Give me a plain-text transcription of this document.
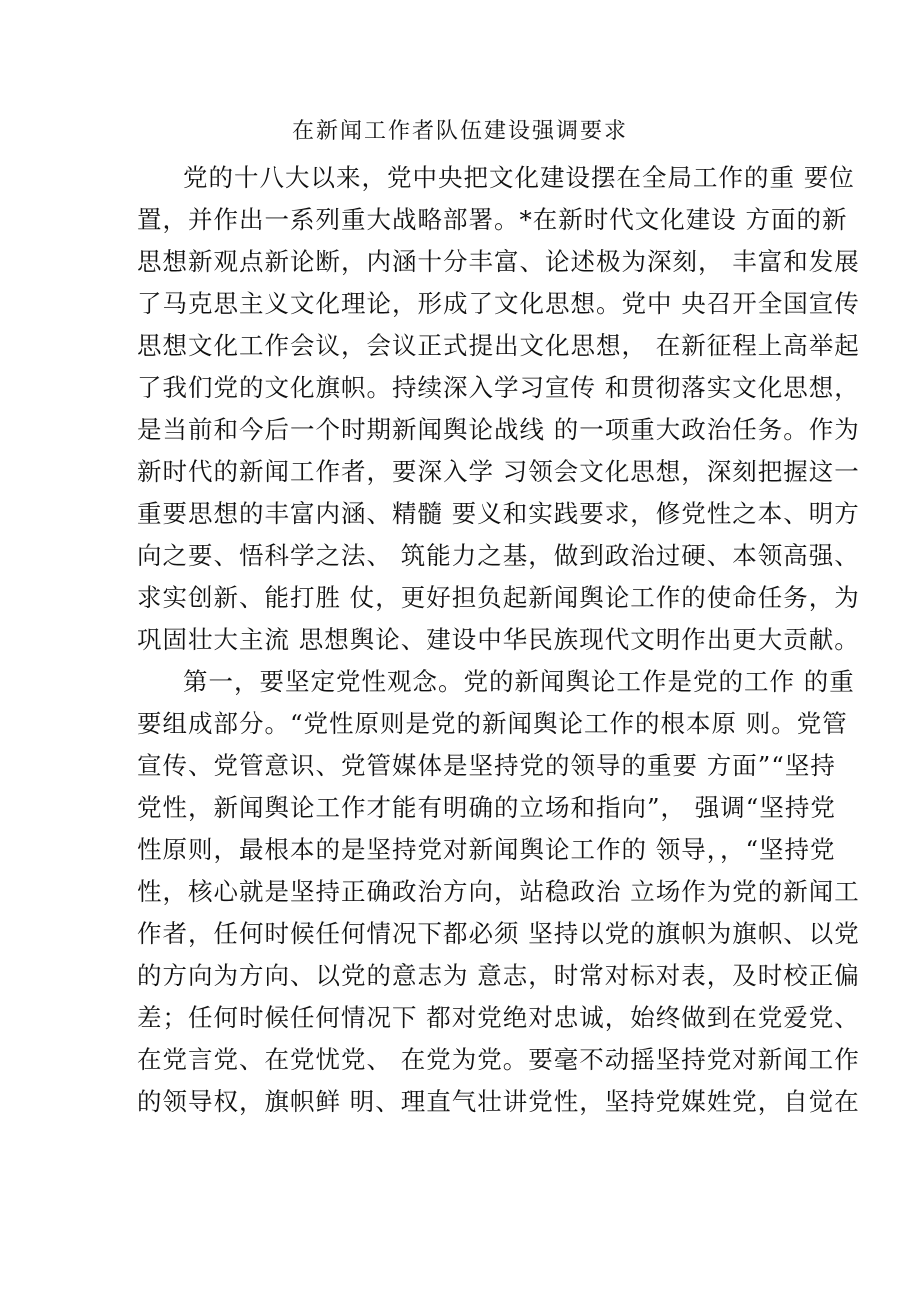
在新闻工作者队伍建设强调要求
党的十八大以来，党中央把文化建设摆在全局工作的重 要位
置，并作出一系列重大战略部署。*在新时代文化建设 方面的新
思想新观点新论断，内涵十分丰富、论述极为深刻， 丰富和发展
了马克思主义文化理论，形成了文化思想。党中 央召开全国宣传
思想文化工作会议，会议正式提出文化思想， 在新征程上高举起
了我们党的文化旗帜。持续深入学习宣传 和贯彻落实文化思想，
是当前和今后一个时期新闻舆论战线 的一项重大政治任务。作为
新时代的新闻工作者，要深入学 习领会文化思想，深刻把握这一
重要思想的丰富内涵、精髓 要义和实践要求，修党性之本、明方
向之要、悟科学之法、 筑能力之基，做到政治过硬、本领高强、
求实创新、能打胜 仗，更好担负起新闻舆论工作的使命任务，为
巩固壮大主流 思想舆论、建设中华民族现代文明作出更大贡献。
第一，要坚定党性观念。党的新闻舆论工作是党的工作 的重
要组成部分。“党性原则是党的新闻舆论工作的根本原 则。党管
宣传、党管意识、党管媒体是坚持党的领导的重要 方面”“坚持
党性，新闻舆论工作才能有明确的立场和指向”， 强调“坚持党
性原则，最根本的是坚持党对新闻舆论工作的 领导，，“坚持党
性，核心就是坚持正确政治方向，站稳政治 立场作为党的新闻工
作者，任何时候任何情况下都必须 坚持以党的旗帜为旗帜、以党
的方向为方向、以党的意志为 意志，时常对标对表，及时校正偏
差；任何时候任何情况下 都对党绝对忠诚，始终做到在党爱党、
在党言党、在党忧党、 在党为党。要毫不动摇坚持党对新闻工作
的领导权，旗帜鲜 明、理直气壮讲党性，坚持党媒姓党，自觉在
